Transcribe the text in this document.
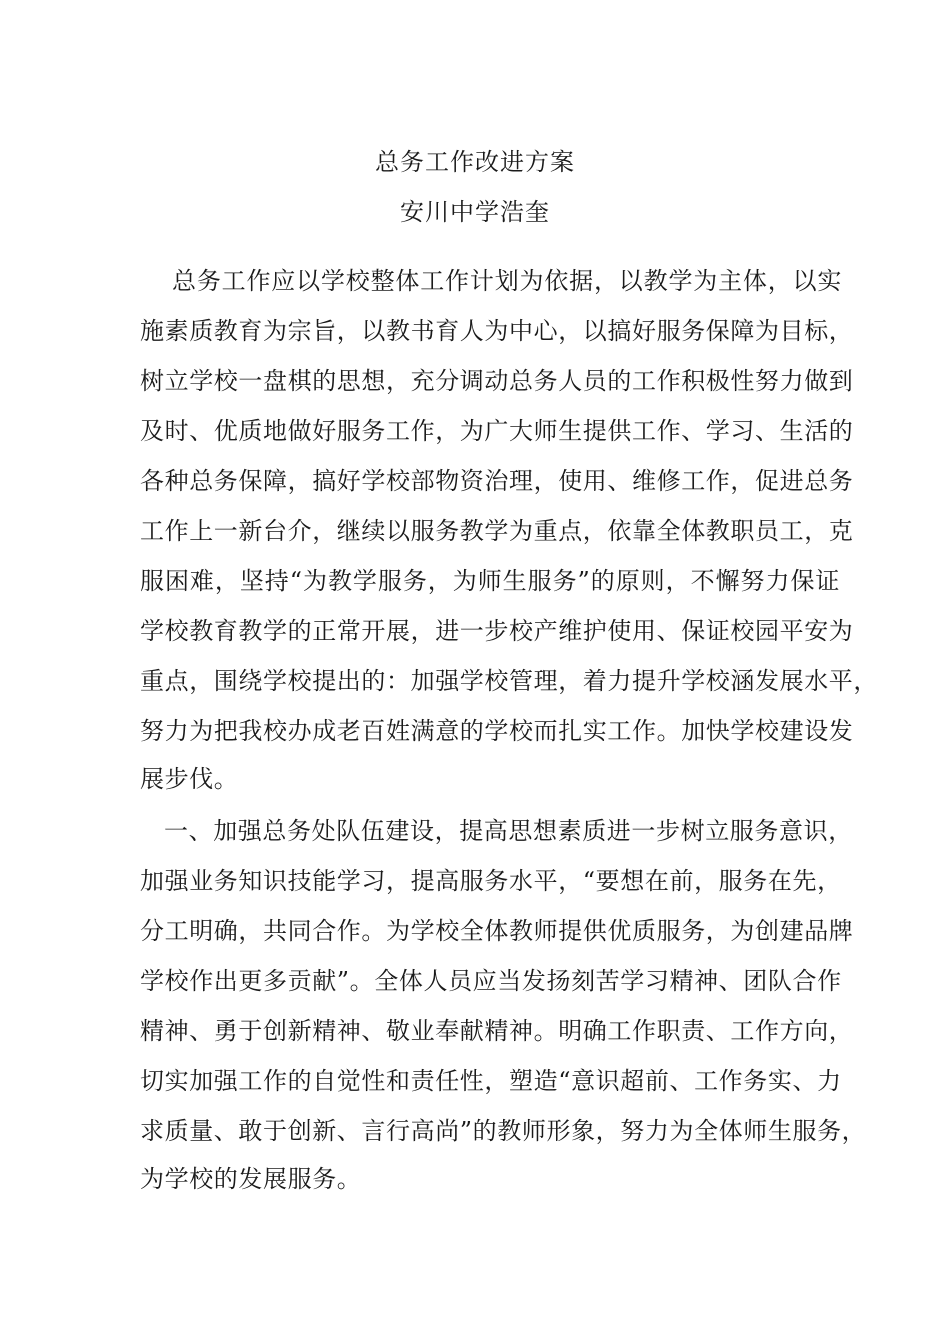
总务工作改进方案
安川中学浩奎
总务工作应以学校整体工作计划为依据，以教学为主体，以实
施素质教育为宗旨，以教书育人为中心，以搞好服务保障为目标，
树立学校一盘棋的思想，充分调动总务人员的工作积极性努力做到
及时、优质地做好服务工作，为广大师生提供工作、学习、生活的
各种总务保障，搞好学校部物资治理，使用、维修工作，促进总务
工作上一新台介，继续以服务教学为重点，依靠全体教职员工，克
服困难，坚持“为教学服务，为师生服务”的原则，不懈努力保证
学校教育教学的正常开展，进一步校产维护使用、保证校园平安为
重点，围绕学校提出的：加强学校管理，着力提升学校涵发展水平，
努力为把我校办成老百姓满意的学校而扎实工作。加快学校建设发
展步伐。
一、加强总务处队伍建设，提高思想素质进一步树立服务意识，
加强业务知识技能学习，提高服务水平，“要想在前，服务在先，
分工明确，共同合作。为学校全体教师提供优质服务，为创建品牌
学校作出更多贡献”。全体人员应当发扬刻苦学习精神、团队合作
精神、勇于创新精神、敬业奉献精神。明确工作职责、工作方向，
切实加强工作的自觉性和责任性，塑造“意识超前、工作务实、力
求质量、敢于创新、言行高尚”的教师形象，努力为全体师生服务，
为学校的发展服务。
